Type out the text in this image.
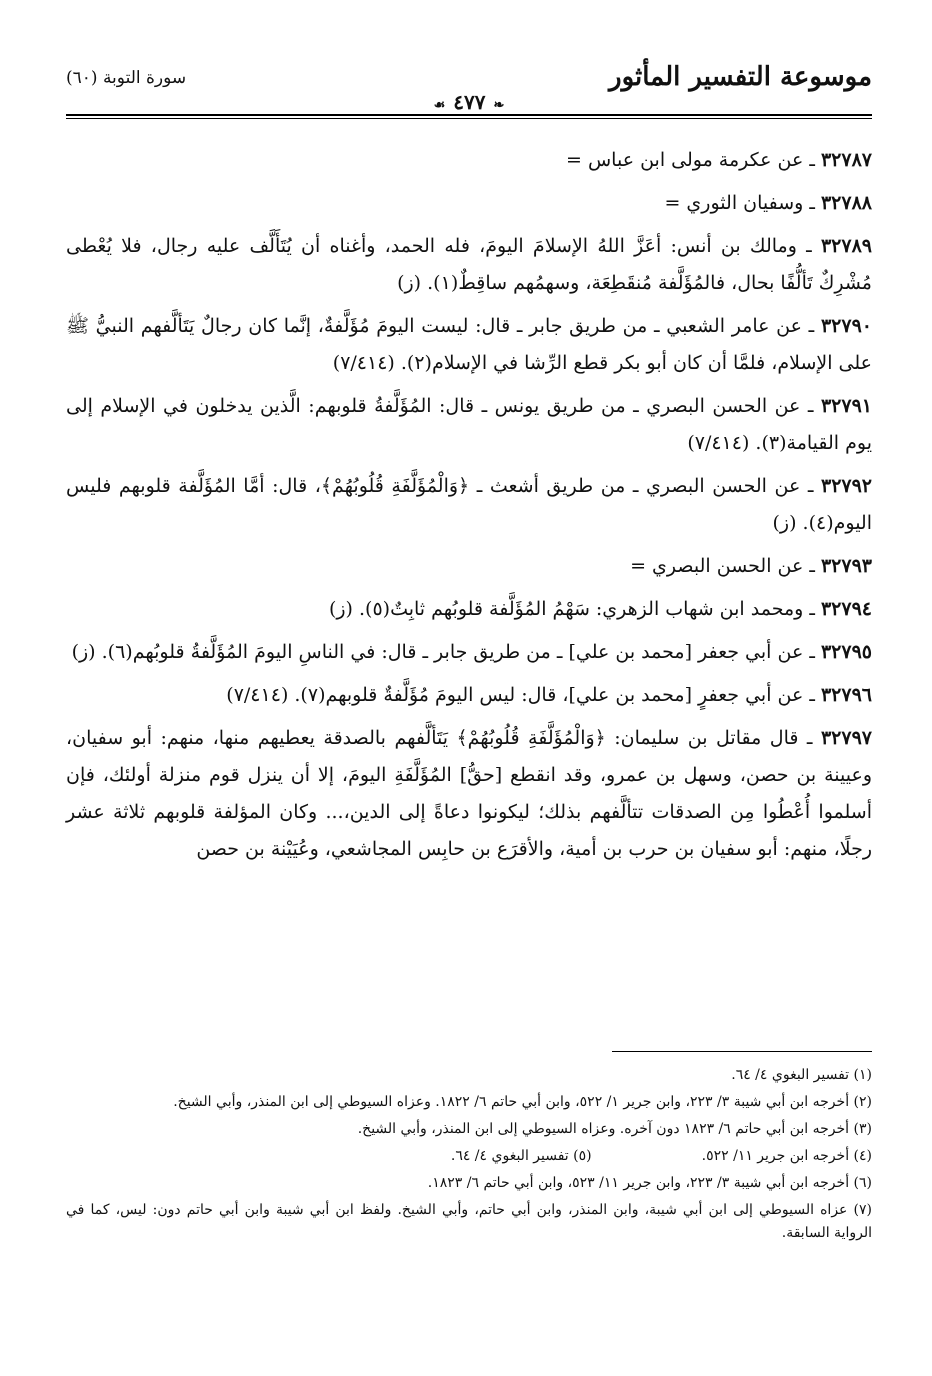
موسوعة التفسير المأثور
سورة التوبة (٦٠)
❧٤٧٧☙

٣٢٧٨٧ ـ عن عكرمة مولى ابن عباس =

٣٢٧٨٨ ـ وسفيان الثوري =

٣٢٧٨٩ ـ ومالك بن أنس: أعَزَّ اللهُ الإسلامَ اليومَ، فله الحمد، وأغناه أن يُتَأَلَّف عليه رجال، فلا يُعْطى مُشْرِكٌ تَألُّفًا بحال، فالمُؤَلَّفة مُنقَطِعَة، وسهمُهم ساقِطٌ(١). (ز)

٣٢٧٩٠ ـ عن عامر الشعبي ـ من طريق جابر ـ قال: ليست اليومَ مُؤَلَّفةٌ، إنَّما كان رجالٌ يَتَألَّفهم النبيُّ ﷺ على الإسلام، فلمَّا أن كان أبو بكر قطع الرِّشا في الإسلام(٢). (٧/٤١٤)

٣٢٧٩١ ـ عن الحسن البصري ـ من طريق يونس ـ قال: المُؤَلَّفةُ قلوبهم: الَّذين يدخلون في الإسلام إلى يوم القيامة(٣). (٧/٤١٤)

٣٢٧٩٢ ـ عن الحسن البصري ـ من طريق أشعث ـ ﴿وَالْمُؤَلَّفَةِ قُلُوبُهُمْ﴾، قال: أمَّا المُؤَلَّفة قلوبهم فليس اليوم(٤). (ز)

٣٢٧٩٣ ـ عن الحسن البصري =

٣٢٧٩٤ ـ ومحمد ابن شهاب الزهري: سَهْمُ المُؤَلَّفة قلوبُهم ثابِتٌ(٥). (ز)

٣٢٧٩٥ ـ عن أبي جعفر [محمد بن علي] ـ من طريق جابر ـ قال: في الناسِ اليومَ المُؤَلَّفةُ قلوبُهم(٦). (ز)

٣٢٧٩٦ ـ عن أبي جعفرٍ [محمد بن علي]، قال: ليس اليومَ مُؤَلَّفةٌ قلوبهم(٧). (٧/٤١٤)

٣٢٧٩٧ ـ قال مقاتل بن سليمان: ﴿وَالْمُؤَلَّفَةِ قُلُوبُهُمْ﴾ يَتَألَّفهم بالصدقة يعطيهم منها، منهم: أبو سفيان، وعيينة بن حصن، وسهل بن عمرو، وقد انقطع [حقُّ] المُؤَلَّفَةِ اليومَ، إلا أن ينزل قوم منزلة أولئك، فإن أسلموا أُعْطُوا مِن الصدقات تتألَّفهم بذلك؛ ليكونوا دعاةً إلى الدين،... وكان المؤلفة قلوبهم ثلاثة عشر رجلًا، منهم: أبو سفيان بن حرب بن أمية، والأقرَع بن حابِس المجاشعي، وعُيَيْنة بن حصن

(١) تفسير البغوي ٤/ ٦٤.

(٢) أخرجه ابن أبي شيبة ٣/ ٢٢٣، وابن جرير ١/ ٥٢٢، وابن أبي حاتم ٦/ ١٨٢٢. وعزاه السيوطي إلى ابن المنذر، وأبي الشيخ.

(٣) أخرجه ابن أبي حاتم ٦/ ١٨٢٣ دون آخره. وعزاه السيوطي إلى ابن المنذر، وأبي الشيخ.

(٤) أخرجه ابن جرير ١١/ ٥٢٢.

(٥) تفسير البغوي ٤/ ٦٤.

(٦) أخرجه ابن أبي شيبة ٣/ ٢٢٣، وابن جرير ١١/ ٥٢٣، وابن أبي حاتم ٦/ ١٨٢٣.

(٧) عزاه السيوطي إلى ابن أبي شيبة، وابن المنذر، وابن أبي حاتم، وأبي الشيخ. ولفظ ابن أبي شيبة وابن أبي حاتم دون: ليس، كما في الرواية السابقة.
